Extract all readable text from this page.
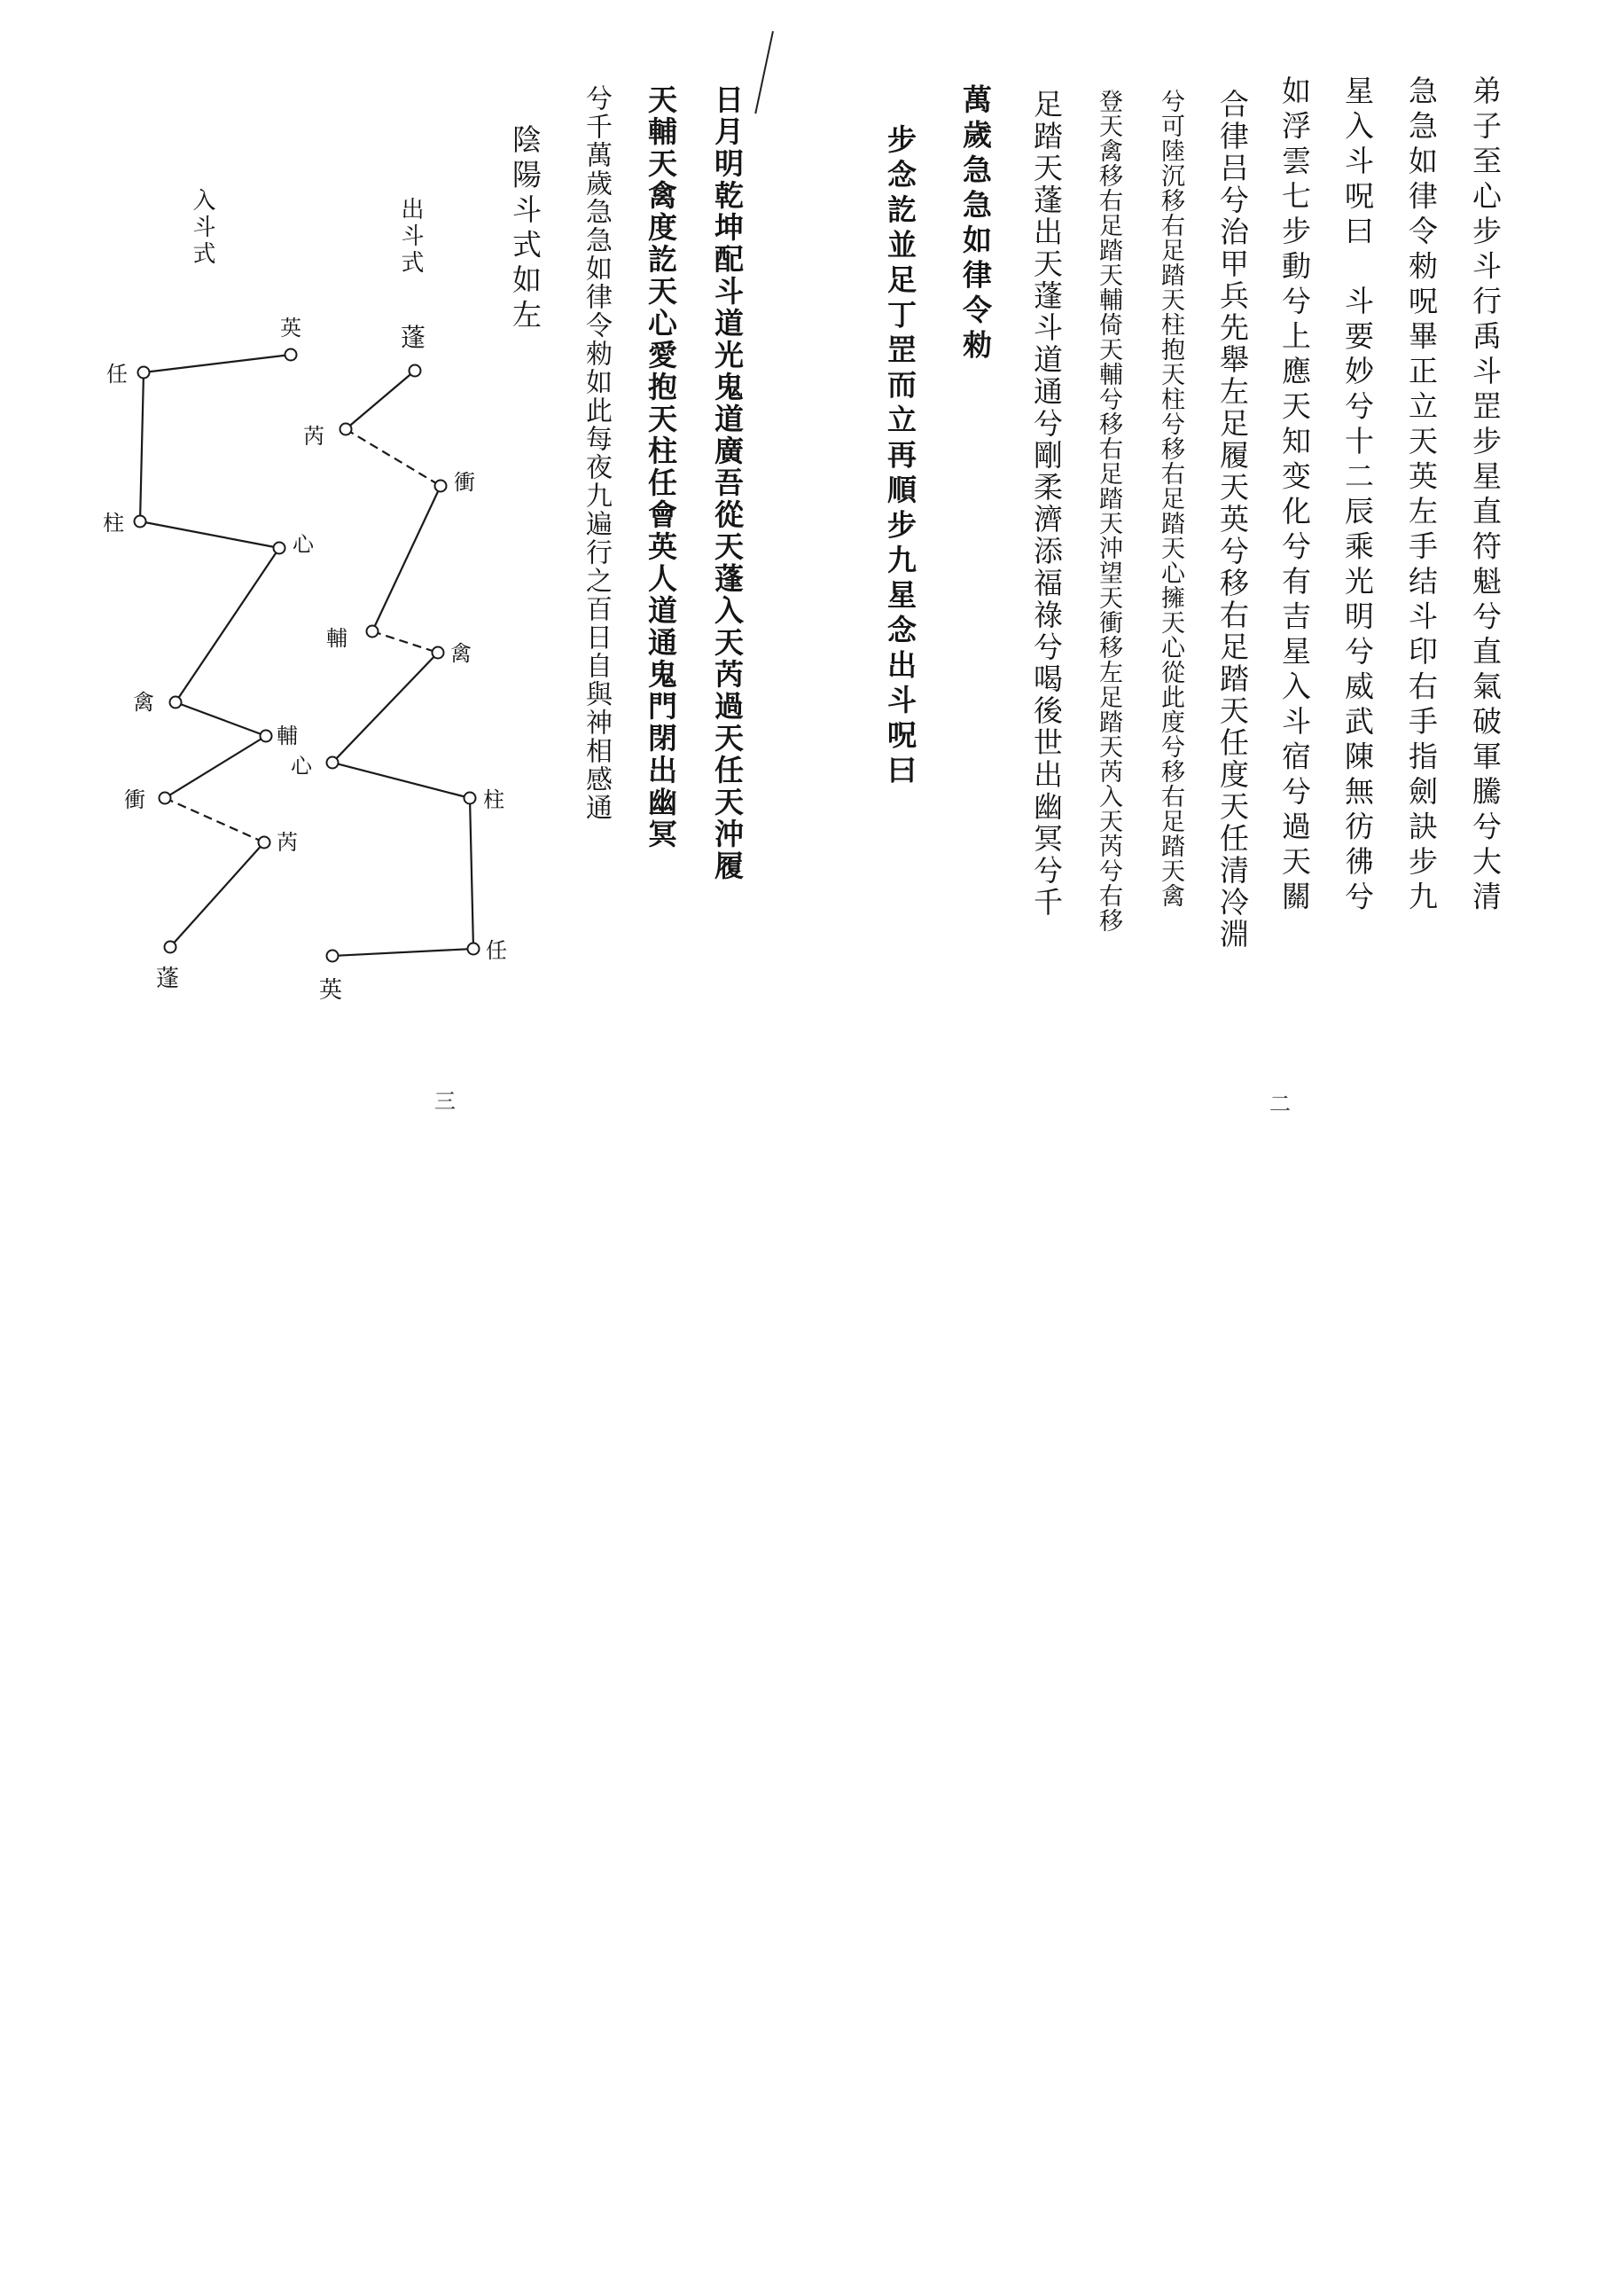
弟子至心步斗行禹斗罡步星直符魁兮直氣破軍騰兮大清
急急如律令勑呪畢正立天英左手结斗印右手指劍訣步九
星入斗呪曰　斗要妙兮十二辰乘光明兮威武陳無彷彿兮
如浮雲七步動兮上應天知变化兮有吉星入斗宿兮過天關
合律吕兮治甲兵先舉左足履天英兮移右足踏天任度天任清冷淵
兮可陸沉移右足踏天柱抱天柱兮移右足踏天心擁天心從此度兮移右足踏天禽
登天禽移右足踏天輔倚天輔兮移右足踏天沖望天衝移左足踏天芮入天芮兮右移
足踏天蓬出天蓬斗道通兮剛柔濟添福祿兮喝後世出幽冥兮千
萬歲急急如律令勑
步念訖並足丁罡而立再順步九星念出斗呪曰
二
日月明乾坤配斗道光鬼道廣吾從天蓬入天芮過天任天沖履
天輔天禽度訖天心愛抱天柱任會英人道通鬼門閉出幽冥
兮千萬歲急急如律令勑如此每夜九遍行之百日自與神相感通
陰陽斗式如左
三
出斗式
蓬
芮
衝
輔
禽
心
柱
任
英
入斗式
英
任
柱
心
禽
輔
衝
芮
蓬
